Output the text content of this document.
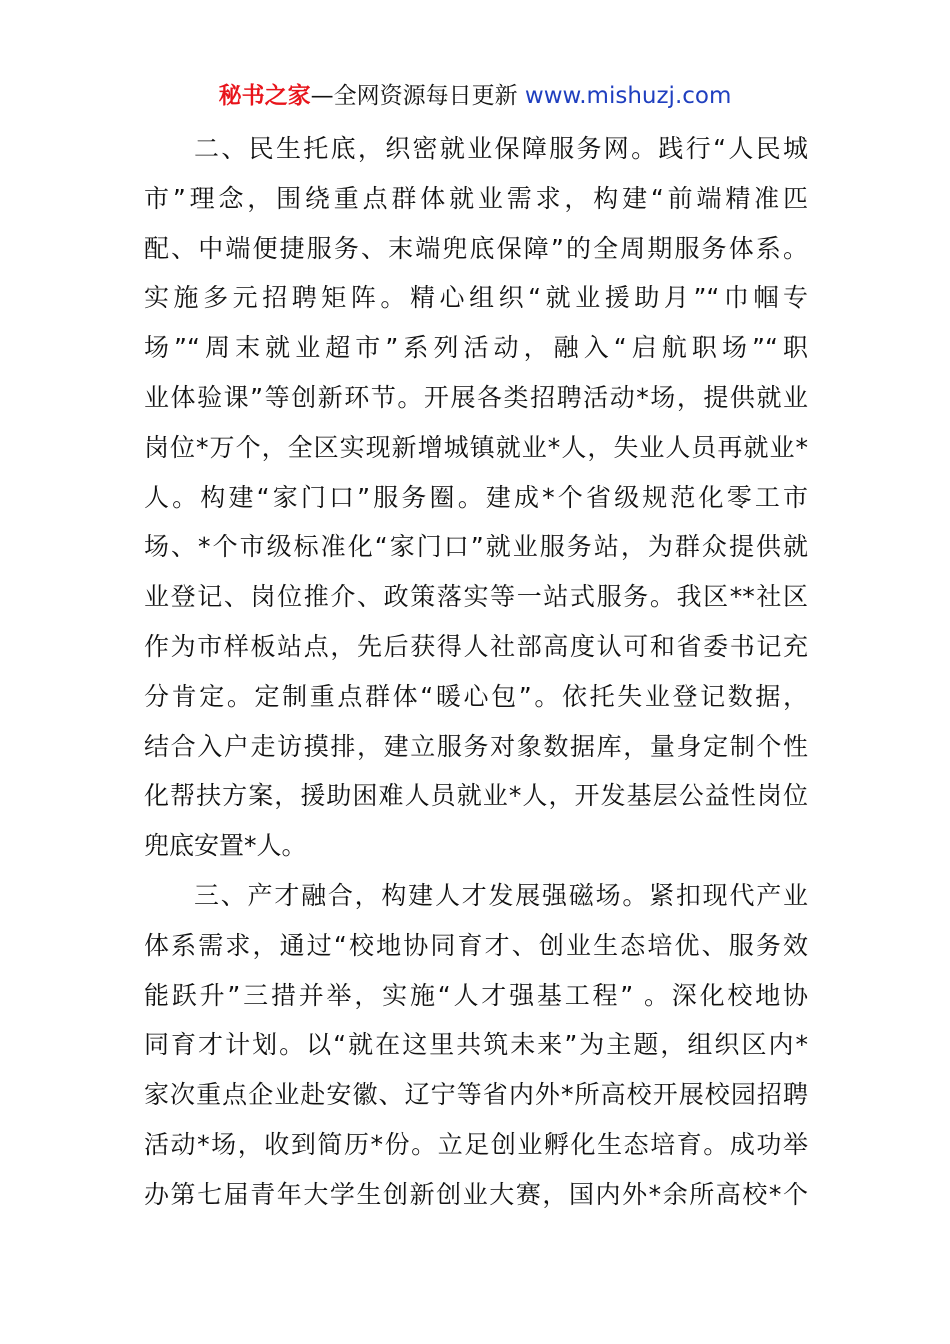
秘书之家—全网资源每日更新 www.mishuzj.com
二、民生托底，织密就业保障服务网。践行“人民城
市”理念，围绕重点群体就业需求，构建“前端精准匹
配、中端便捷服务、末端兜底保障”的全周期服务体系。
实施多元招聘矩阵。精心组织“就业援助月”“巾帼专
场”“周末就业超市”系列活动，融入“启航职场”“职
业体验课”等创新环节。开展各类招聘活动*场，提供就业
岗位*万个，全区实现新增城镇就业*人，失业人员再就业*
人。构建“家门口”服务圈。建成*个省级规范化零工市
场、*个市级标准化“家门口”就业服务站，为群众提供就
业登记、岗位推介、政策落实等一站式服务。我区**社区
作为市样板站点，先后获得人社部高度认可和省委书记充
分肯定。定制重点群体“暖心包”。依托失业登记数据，
结合入户走访摸排，建立服务对象数据库，量身定制个性
化帮扶方案，援助困难人员就业*人，开发基层公益性岗位
兜底安置*人。
三、产才融合，构建人才发展强磁场。紧扣现代产业
体系需求，通过“校地协同育才、创业生态培优、服务效
能跃升”三措并举，实施“人才强基工程” 。深化校地协
同育才计划。以“就在这里共筑未来”为主题，组织区内*
家次重点企业赴安徽、辽宁等省内外*所高校开展校园招聘
活动*场，收到简历*份。立足创业孵化生态培育。成功举
办第七届青年大学生创新创业大赛，国内外*余所高校*个
